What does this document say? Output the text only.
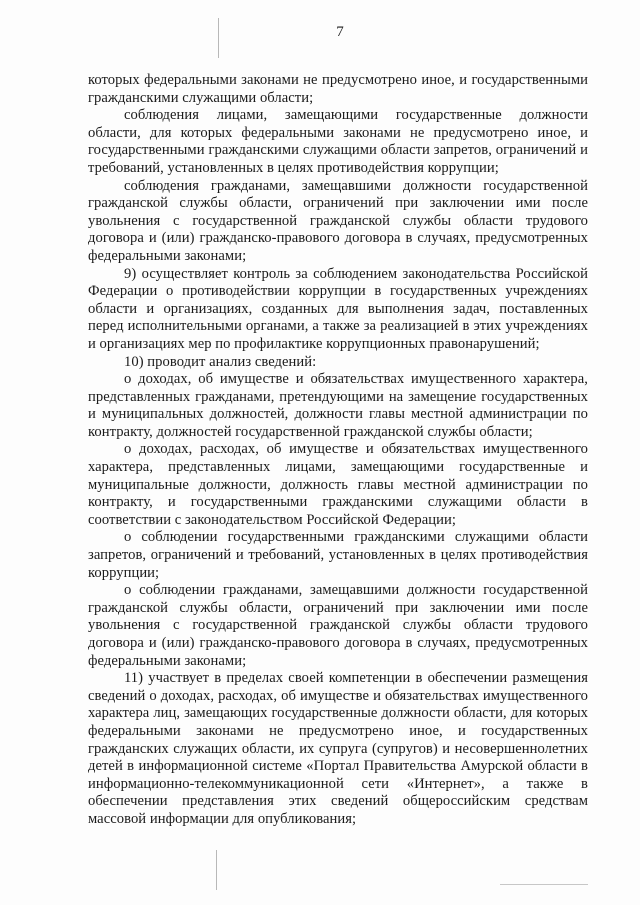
7

которых федеральными законами не предусмотрено иное, и государственными гражданскими служащими области;

соблюдения лицами, замещающими государственные должности области, для которых федеральными законами не предусмотрено иное, и государственными гражданскими служащими области запретов, ограничений и требований, установленных в целях противодействия коррупции;

соблюдения гражданами, замещавшими должности государственной гражданской службы области, ограничений при заключении ими после увольнения с государственной гражданской службы области трудового договора и (или) гражданско-правового договора в случаях, предусмотренных федеральными законами;

9) осуществляет контроль за соблюдением законодательства Российской Федерации о противодействии коррупции в государственных учреждениях области и организациях, созданных для выполнения задач, поставленных перед исполнительными органами, а также за реализацией в этих учреждениях и организациях мер по профилактике коррупционных правонарушений;

10) проводит анализ сведений:

о доходах, об имуществе и обязательствах имущественного характера, представленных гражданами, претендующими на замещение государственных и муниципальных должностей, должности главы местной администрации по контракту, должностей государственной гражданской службы области;

о доходах, расходах, об имуществе и обязательствах имущественного характера, представленных лицами, замещающими государственные и муниципальные должности, должность главы местной администрации по контракту, и государственными гражданскими служащими области в соответствии с законодательством Российской Федерации;

о соблюдении государственными гражданскими служащими области запретов, ограничений и требований, установленных в целях противодействия коррупции;

о соблюдении гражданами, замещавшими должности государственной гражданской службы области, ограничений при заключении ими после увольнения с государственной гражданской службы области трудового договора и (или) гражданско-правового договора в случаях, предусмотренных федеральными законами;

11) участвует в пределах своей компетенции в обеспечении размещения сведений о доходах, расходах, об имуществе и обязательствах имущественного характера лиц, замещающих государственные должности области, для которых федеральными законами не предусмотрено иное, и государственных гражданских служащих области, их супруга (супругов) и несовершеннолетних детей в информационной системе «Портал Правительства Амурской области в информационно-телекоммуникационной сети «Интернет», а также в обеспечении представления этих сведений общероссийским средствам массовой информации для опубликования;
